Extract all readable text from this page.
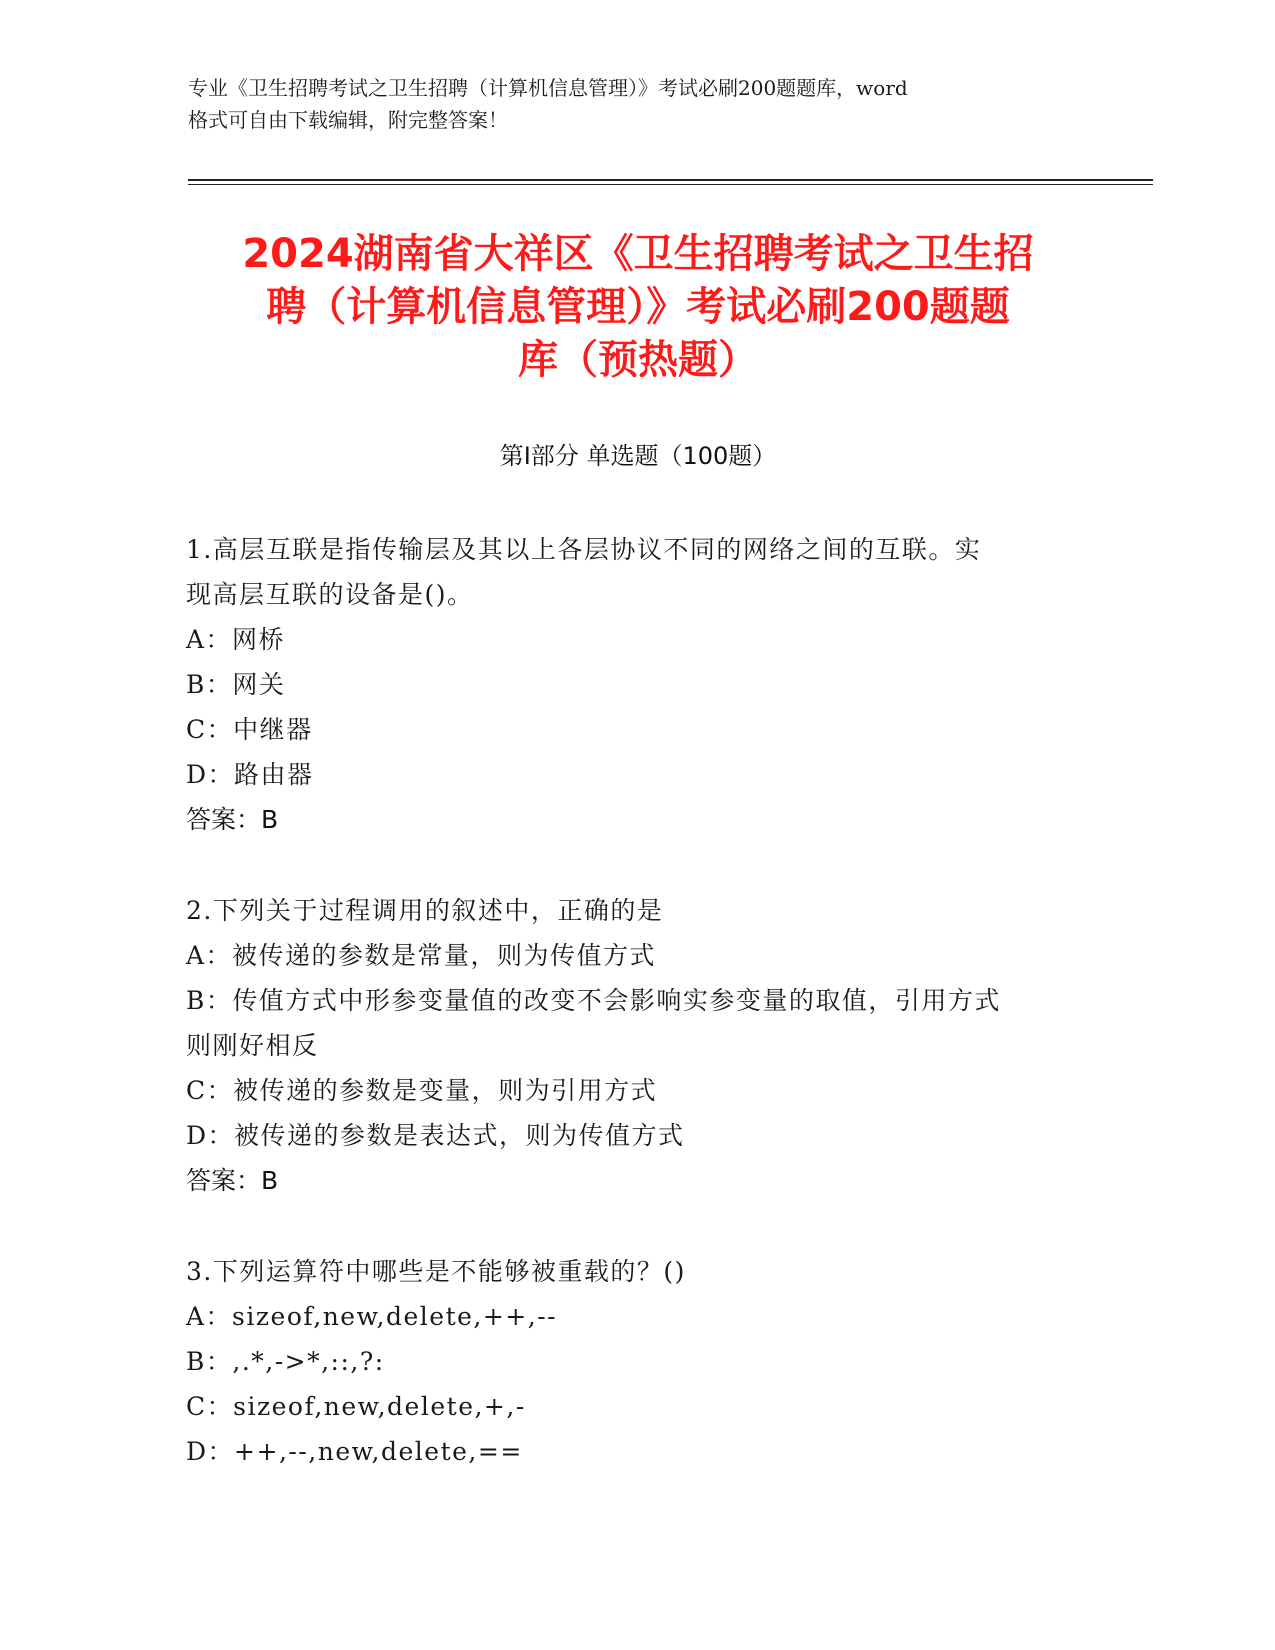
专业《卫生招聘考试之卫生招聘（计算机信息管理）》考试必刷200题题库，word
格式可自由下载编辑，附完整答案！
2024湖南省大祥区《卫生招聘考试之卫生招
聘（计算机信息管理）》考试必刷200题题
库（预热题）
第Ⅰ部分 单选题（100题）

1.高层互联是指传输层及其以上各层协议不同的网络之间的互联。实

现高层互联的设备是()。

A：网桥

B：网关

C：中继器

D：路由器

答案：B

2.下列关于过程调用的叙述中，正确的是

A：被传递的参数是常量，则为传值方式

B：传值方式中形参变量值的改变不会影响实参变量的取值，引用方式

则刚好相反

C：被传递的参数是变量，则为引用方式

D：被传递的参数是表达式，则为传值方式

答案：B

3.下列运算符中哪些是不能够被重载的？()

A：sizeof,new,delete,++,--

B：,.*,->*,::,?:

C：sizeof,new,delete,+,-

D：++,--,new,delete,==
